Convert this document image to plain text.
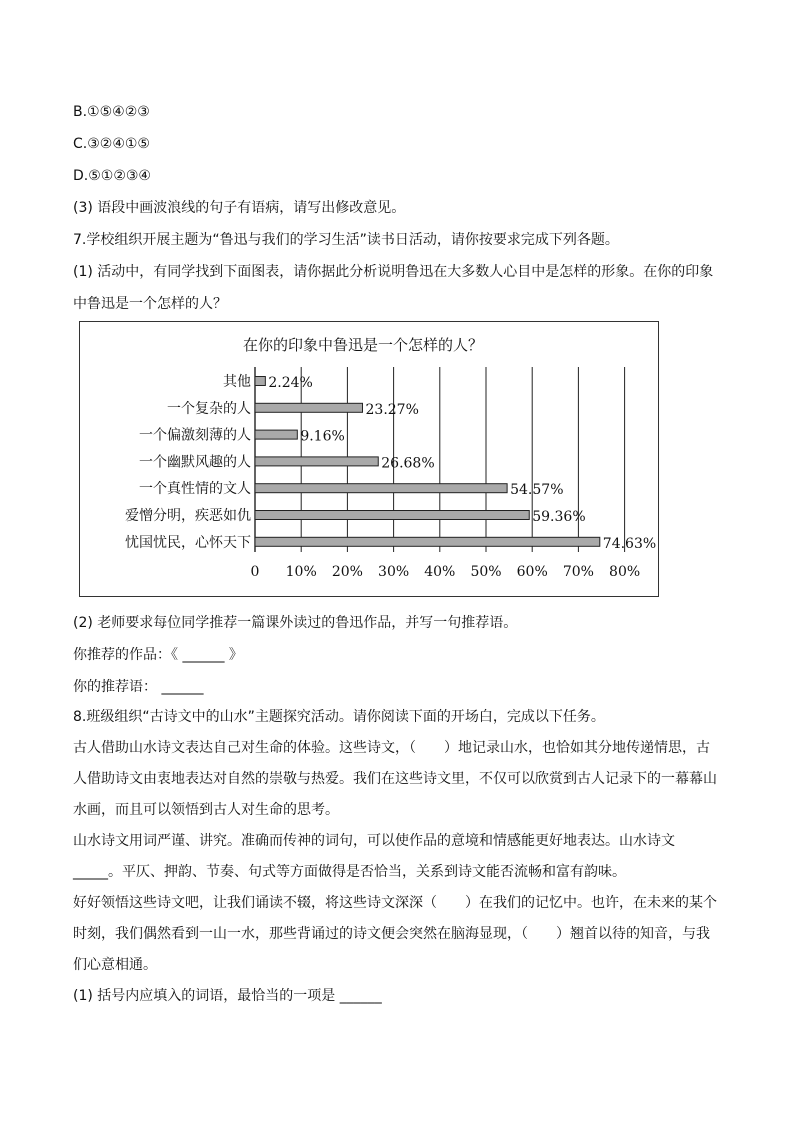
B.①⑤④②③
C.③②④①⑤
D.⑤①②③④
(3) 语段中画波浪线的句子有语病，请写出修改意见。
7.学校组织开展主题为“鲁迅与我们的学习生活”读书日活动，请你按要求完成下列各题。
(1) 活动中，有同学找到下面图表，请你据此分析说明鲁迅在大多数人心目中是怎样的形象。在你的印象
中鲁迅是一个怎样的人？
在你的印象中鲁迅是一个怎样的人？
0 10% 20% 30% 40% 50% 60% 70% 80%
其他 2.24%
一个复杂的人	23.27%
一个偏激刻薄的人	9.16%
一个幽默风趣的人	26.68%
一个真性情的文人	54.57%
爱憎分明，疾恶如仇	59.36%
忧国忧民，心怀天下	74.63%
(2) 老师要求每位同学推荐一篇课外读过的鲁迅作品，并写一句推荐语。
你推荐的作品：《 ______ 》
你的推荐语： ______
8.班级组织“古诗文中的山水”主题探究活动。请你阅读下面的开场白，完成以下任务。
古人借助山水诗文表达自己对生命的体验。这些诗文，（　　）地记录山水，也恰如其分地传递情思，古
人借助诗文由衷地表达对自然的崇敬与热爱。我们在这些诗文里，不仅可以欣赏到古人记录下的一幕幕山
水画，而且可以领悟到古人对生命的思考。
山水诗文用词严谨、讲究。准确而传神的词句，可以使作品的意境和情感能更好地表达。山水诗文
_____。平仄、押韵、节奏、句式等方面做得是否恰当，关系到诗文能否流畅和富有韵味。
好好领悟这些诗文吧，让我们诵读不辍，将这些诗文深深（　　）在我们的记忆中。也许，在未来的某个
时刻，我们偶然看到一山一水，那些背诵过的诗文便会突然在脑海显现，（　　）翘首以待的知音，与我
们心意相通。
(1) 括号内应填入的词语，最恰当的一项是 ______
